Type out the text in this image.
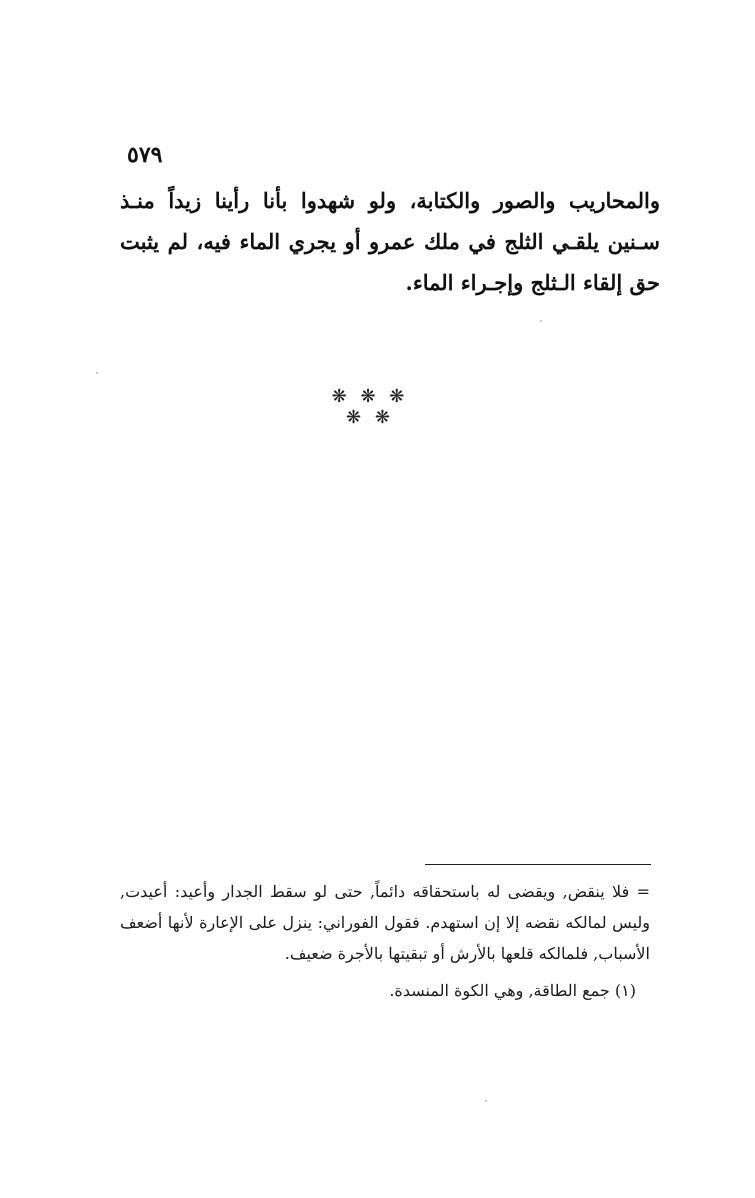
٥٧٩

والمحاريب والصور والكتابة، ولو شهدوا بأنا رأينا زيداً منـذ سـنين يلقـي الثلج في ملك عمرو أو يجري الماء فيه، لم يثبت حق إلقاء الـثلج وإجـراء الماء.

❋ ❋ ❋ ❋ ❋

= فلا ينقض, ويقضى له باستحقاقه دائماً, حتى لو سقط الجدار وأعيد: أعيدت, وليس لمالكه نقضه إلا إن استهدم. فقول الفوراني: ينزل على الإعارة لأنها أضعف الأسباب, فلمالكه قلعها بالأرش أو تبقيتها بالأجرة ضعيف.

(١) جمع الطاقة, وهي الكوة المنسدة.
